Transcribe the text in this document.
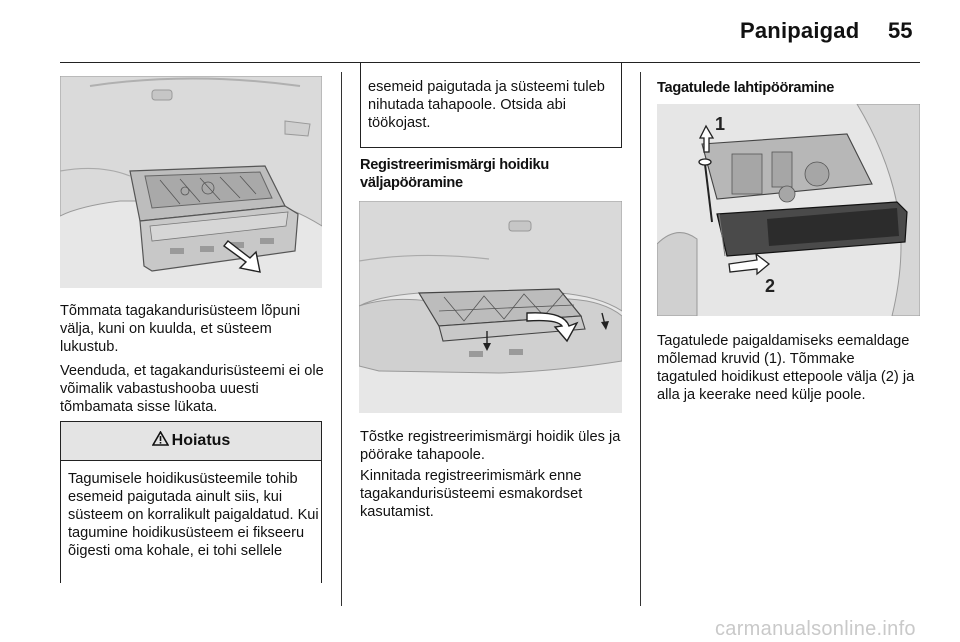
Panipaigad 55

Tõmmata tagakandurisüsteem lõpuni välja, kuni on kuulda, et süsteem lukustub.

Veenduda, et tagakandurisüsteemi ei ole võimalik vabastushooba uuesti tõmbamata sisse lükata.

Hoiatus

Tagumisele hoidikusüsteemile tohib esemeid paigutada ainult siis, kui süsteem on korralikult paigaldatud. Kui tagumine hoidikusüsteem ei fikseeru õigesti oma kohale, ei tohi sellele

esemeid paigutada ja süsteemi tuleb nihutada tahapoole. Otsida abi töökojast.

Registreerimismärgi hoidiku väljapööramine

Tõstke registreerimismärgi hoidik üles ja pöörake tahapoole.

Kinnitada registreerimismärk enne tagakandurisüsteemi esmakordset kasutamist.

Tagatulede lahtipööramine

1
2

Tagatulede paigaldamiseks eemaldage mõlemad kruvid (1). Tõmmake tagatuled hoidikust ettepoole välja (2) ja alla ja keerake need külje poole.

carmanualsonline.info
